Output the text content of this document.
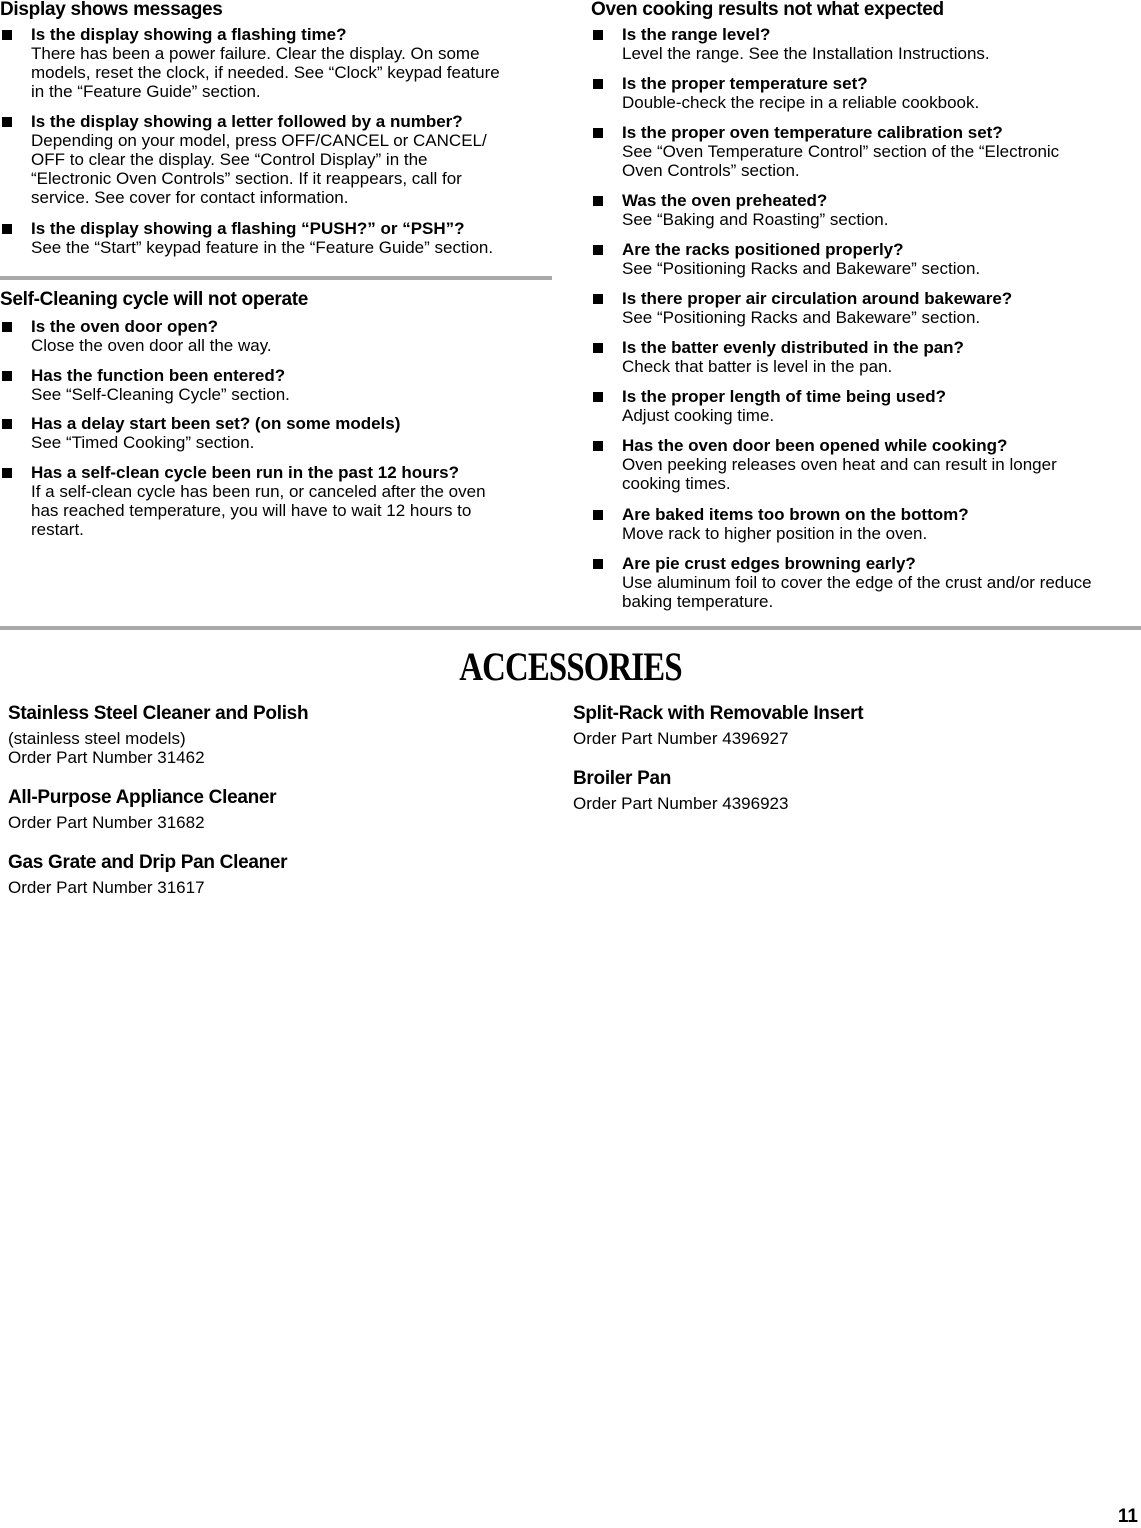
Display shows messages
Is the display showing a flashing time?
There has been a power failure. Clear the display. On some
models, reset the clock, if needed. See “Clock” keypad feature
in the “Feature Guide” section.
Is the display showing a letter followed by a number?
Depending on your model, press OFF/CANCEL or CANCEL/
OFF to clear the display. See “Control Display” in the
“Electronic Oven Controls” section. If it reappears, call for
service. See cover for contact information.
Is the display showing a flashing “PUSH?” or “PSH”?
See the “Start” keypad feature in the “Feature Guide” section.
Self-Cleaning cycle will not operate
Is the oven door open?
Close the oven door all the way.
Has the function been entered?
See “Self-Cleaning Cycle” section.
Has a delay start been set? (on some models)
See “Timed Cooking” section.
Has a self-clean cycle been run in the past 12 hours?
If a self-clean cycle has been run, or canceled after the oven
has reached temperature, you will have to wait 12 hours to
restart.
Oven cooking results not what expected
Is the range level?
Level the range. See the Installation Instructions.
Is the proper temperature set?
Double-check the recipe in a reliable cookbook.
Is the proper oven temperature calibration set?
See “Oven Temperature Control” section of the “Electronic
Oven Controls” section.
Was the oven preheated?
See “Baking and Roasting” section.
Are the racks positioned properly?
See “Positioning Racks and Bakeware” section.
Is there proper air circulation around bakeware?
See “Positioning Racks and Bakeware” section.
Is the batter evenly distributed in the pan?
Check that batter is level in the pan.
Is the proper length of time being used?
Adjust cooking time.
Has the oven door been opened while cooking?
Oven peeking releases oven heat and can result in longer
cooking times.
Are baked items too brown on the bottom?
Move rack to higher position in the oven.
Are pie crust edges browning early?
Use aluminum foil to cover the edge of the crust and/or reduce
baking temperature.
ACCESSORIES
Stainless Steel Cleaner and Polish
(stainless steel models)
Order Part Number 31462
All-Purpose Appliance Cleaner
Order Part Number 31682
Gas Grate and Drip Pan Cleaner
Order Part Number 31617
Split-Rack with Removable Insert
Order Part Number 4396927
Broiler Pan
Order Part Number 4396923
11
